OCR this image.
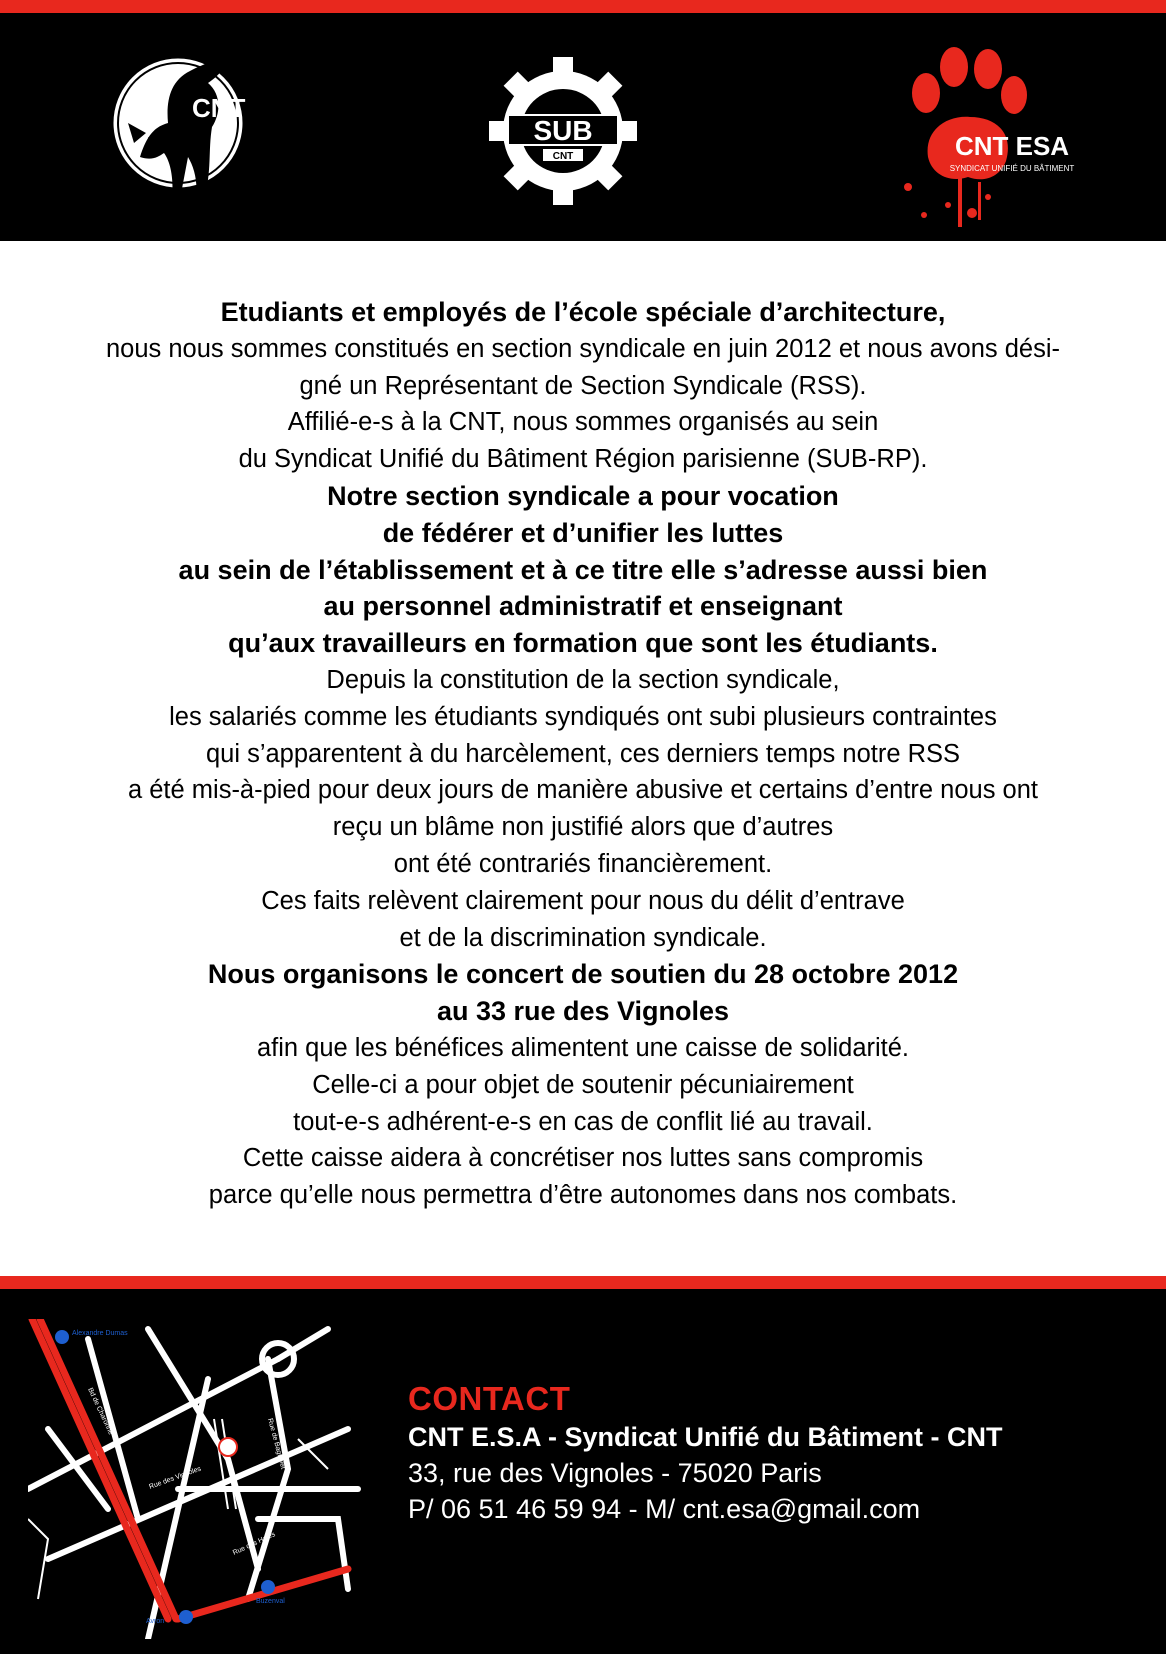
CNT
SUB
CNT	CNT ESA
SYNDICAT UNIFIÉ DU BÂTIMENT
Etudiants et employés de l’école spéciale d’architecture,
nous nous sommes constitués en section syndicale en juin 2012 et nous avons dési-
gné un Représentant de Section Syndicale (RSS).
Affilié-e-s à la CNT, nous sommes organisés au sein
du Syndicat Unifié du Bâtiment Région parisienne (SUB-RP).
Notre section syndicale a pour vocation
de fédérer et d’unifier les luttes
au sein de l’établissement et à ce titre elle s’adresse aussi bien
au personnel administratif et enseignant
qu’aux travailleurs en formation que sont les étudiants.
Depuis la constitution de la section syndicale,
les salariés comme les étudiants syndiqués ont subi plusieurs contraintes
qui s’apparentent à du harcèlement, ces derniers temps notre RSS
a été mis-à-pied pour deux jours de manière abusive et certains d’entre nous ont
reçu un blâme non justifié alors que d’autres
ont été contrariés financièrement.
Ces faits relèvent clairement pour nous du délit d’entrave
et de la discrimination syndicale.
Nous organisons le concert de soutien du 28 octobre 2012
au 33 rue des Vignoles
afin que les bénéfices alimentent une caisse de solidarité.
Celle-ci a pour objet de soutenir pécuniairement
tout-e-s adhérent-e-s en cas de conflit lié au travail.
Cette caisse aidera à concrétiser nos luttes sans compromis
parce qu’elle nous permettra d’être autonomes dans nos combats.
Alexandre Dumas
Avron
Buzenval
Bd de Charonne
Rue des Vignoles
Rue de Bagnolet
Rue des Haies
CONTACT
CNT E.S.A - Syndicat Unifié du Bâtiment - CNT
33, rue des Vignoles - 75020 Paris
P/ 06 51 46 59 94 - M/ cnt.esa@gmail.com
